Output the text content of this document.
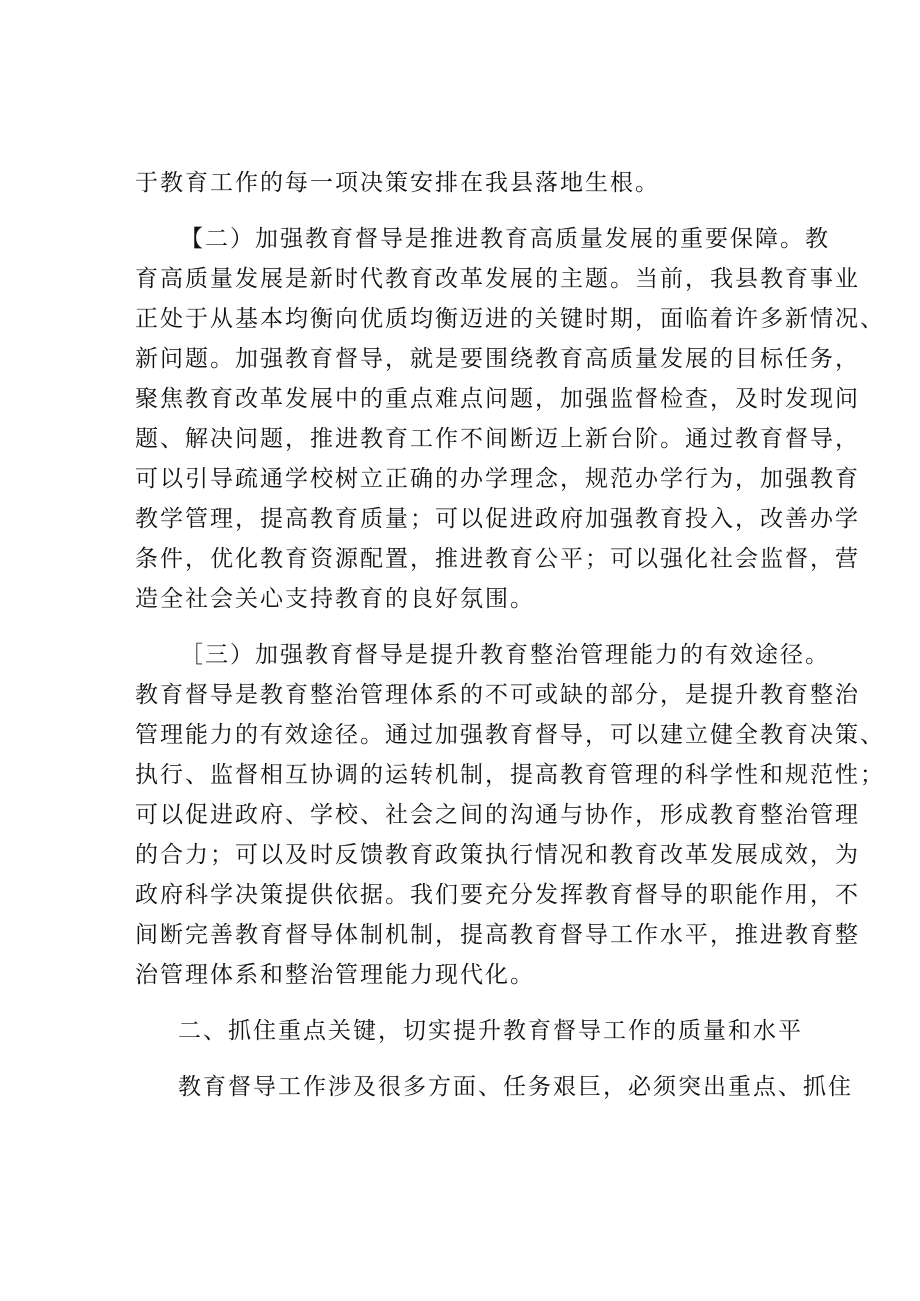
于教育工作的每一项决策安排在我县落地生根。
【二）加强教育督导是推进教育高质量发展的重要保障。教
育高质量发展是新时代教育改革发展的主题。当前，我县教育事业
正处于从基本均衡向优质均衡迈进的关键时期，面临着许多新情况、
新问题。加强教育督导，就是要围绕教育高质量发展的目标任务，
聚焦教育改革发展中的重点难点问题，加强监督检查，及时发现问
题、解决问题，推进教育工作不间断迈上新台阶。通过教育督导，
可以引导疏通学校树立正确的办学理念，规范办学行为，加强教育
教学管理，提高教育质量；可以促进政府加强教育投入，改善办学
条件，优化教育资源配置，推进教育公平；可以强化社会监督，营
造全社会关心支持教育的良好氛围。
［三）加强教育督导是提升教育整治管理能力的有效途径。
教育督导是教育整治管理体系的不可或缺的部分，是提升教育整治
管理能力的有效途径。通过加强教育督导，可以建立健全教育决策、
执行、监督相互协调的运转机制，提高教育管理的科学性和规范性；
可以促进政府、学校、社会之间的沟通与协作，形成教育整治管理
的合力；可以及时反馈教育政策执行情况和教育改革发展成效，为
政府科学决策提供依据。我们要充分发挥教育督导的职能作用，不
间断完善教育督导体制机制，提高教育督导工作水平，推进教育整
治管理体系和整治管理能力现代化。
二、抓住重点关键，切实提升教育督导工作的质量和水平
教育督导工作涉及很多方面、任务艰巨，必须突出重点、抓住
